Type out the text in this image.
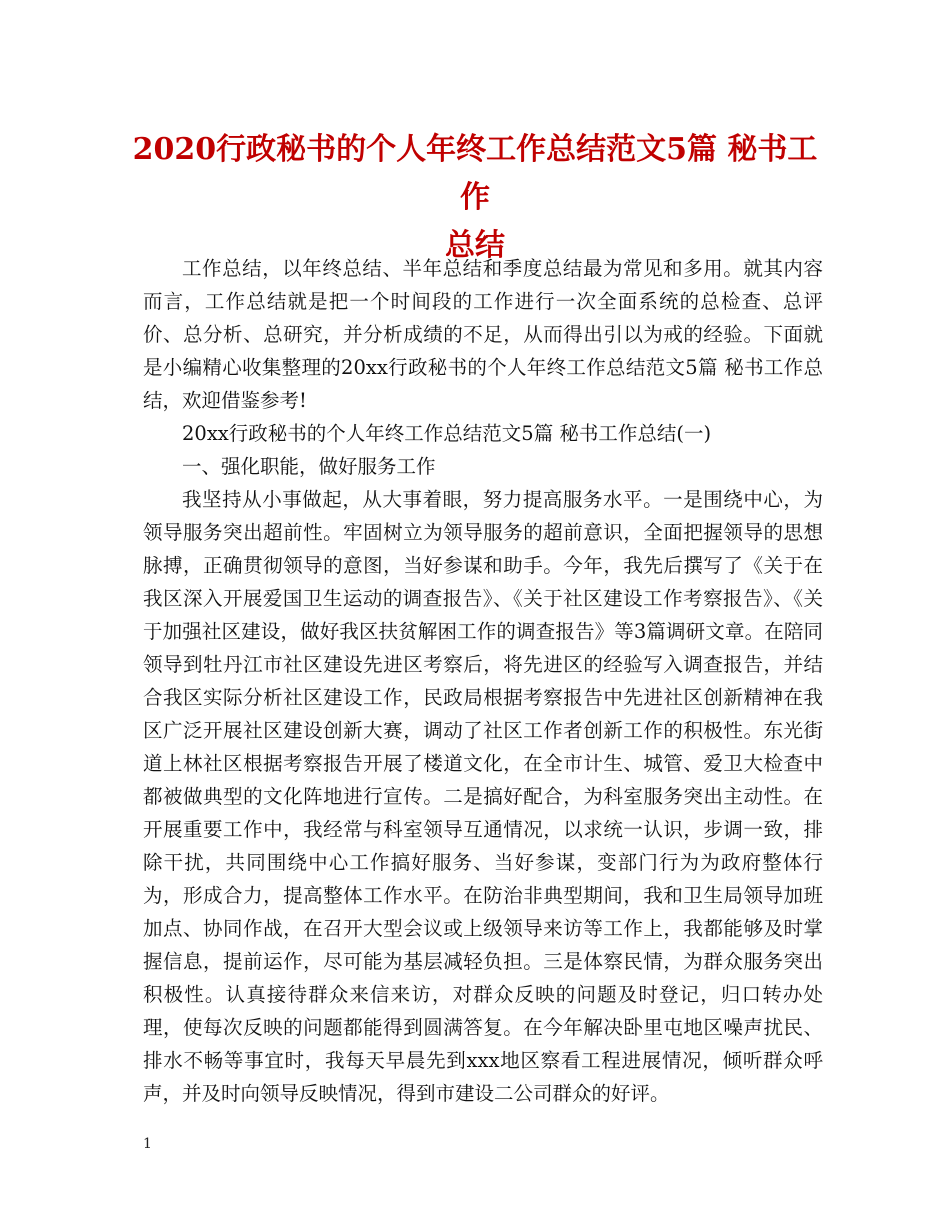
2020行政秘书的个人年终工作总结范文5篇 秘书工作
总结

工作总结，以年终总结、半年总结和季度总结最为常见和多用。就其内容而言，工作总结就是把一个时间段的工作进行一次全面系统的总检查、总评价、总分析、总研究，并分析成绩的不足，从而得出引以为戒的经验。下面就是小编精心收集整理的20xx行政秘书的个人年终工作总结范文5篇 秘书工作总结，欢迎借鉴参考!

20xx行政秘书的个人年终工作总结范文5篇 秘书工作总结(一)

一、强化职能，做好服务工作

我坚持从小事做起，从大事着眼，努力提高服务水平。一是围绕中心，为领导服务突出超前性。牢固树立为领导服务的超前意识，全面把握领导的思想脉搏，正确贯彻领导的意图，当好参谋和助手。今年，我先后撰写了《关于在我区深入开展爱国卫生运动的调查报告》、《关于社区建设工作考察报告》、《关于加强社区建设，做好我区扶贫解困工作的调查报告》等3篇调研文章。在陪同领导到牡丹江市社区建设先进区考察后，将先进区的经验写入调查报告，并结合我区实际分析社区建设工作，民政局根据考察报告中先进社区创新精神在我区广泛开展社区建设创新大赛，调动了社区工作者创新工作的积极性。东光街道上林社区根据考察报告开展了楼道文化，在全市计生、城管、爱卫大检查中都被做典型的文化阵地进行宣传。二是搞好配合，为科室服务突出主动性。在开展重要工作中，我经常与科室领导互通情况，以求统一认识，步调一致，排除干扰，共同围绕中心工作搞好服务、当好参谋，变部门行为为政府整体行为，形成合力，提高整体工作水平。在防治非典型期间，我和卫生局领导加班加点、协同作战，在召开大型会议或上级领导来访等工作上，我都能够及时掌握信息，提前运作，尽可能为基层减轻负担。三是体察民情，为群众服务突出积极性。认真接待群众来信来访，对群众反映的问题及时登记，归口转办处理，使每次反映的问题都能得到圆满答复。在今年解决卧里屯地区噪声扰民、排水不畅等事宜时，我每天早晨先到xxx地区察看工程进展情况，倾听群众呼声，并及时向领导反映情况，得到市建设二公司群众的好评。

1
